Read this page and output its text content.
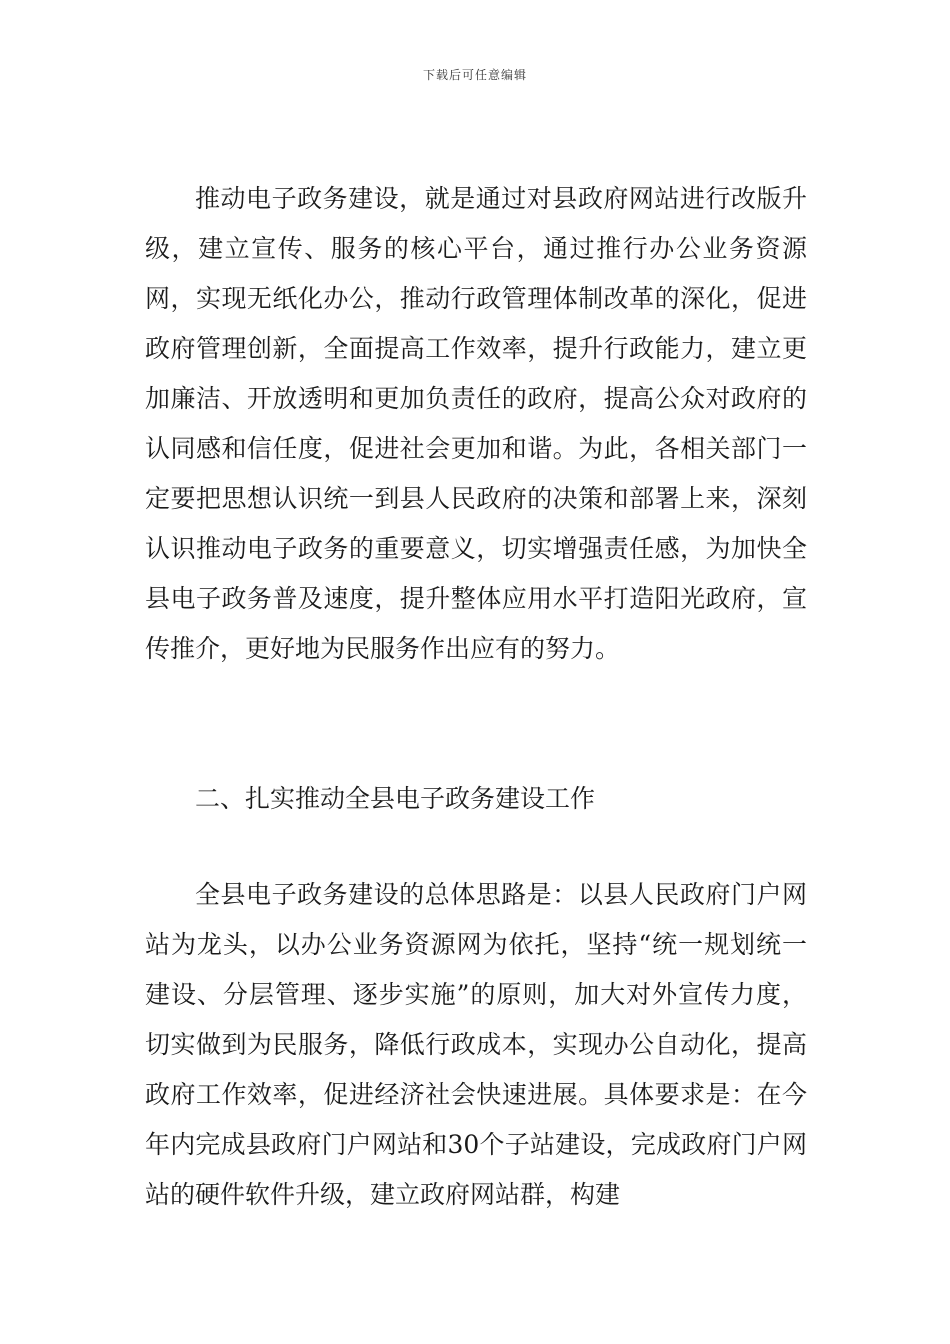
下载后可任意编辑

推动电子政务建设，就是通过对县政府网站进行改版升级，建立宣传、服务的核心平台，通过推行办公业务资源网，实现无纸化办公，推动行政管理体制改革的深化，促进政府管理创新，全面提高工作效率，提升行政能力，建立更加廉洁、开放透明和更加负责任的政府，提高公众对政府的认同感和信任度，促进社会更加和谐。为此，各相关部门一定要把思想认识统一到县人民政府的决策和部署上来，深刻认识推动电子政务的重要意义，切实增强责任感，为加快全县电子政务普及速度，提升整体应用水平打造阳光政府，宣传推介，更好地为民服务作出应有的努力。

二、扎实推动全县电子政务建设工作

全县电子政务建设的总体思路是：以县人民政府门户网站为龙头，以办公业务资源网为依托，坚持“统一规划统一建设、分层管理、逐步实施”的原则，加大对外宣传力度，切实做到为民服务，降低行政成本，实现办公自动化，提高政府工作效率，促进经济社会快速进展。具体要求是：在今年内完成县政府门户网站和30个子站建设，完成政府门户网站的硬件软件升级，建立政府网站群，构建
